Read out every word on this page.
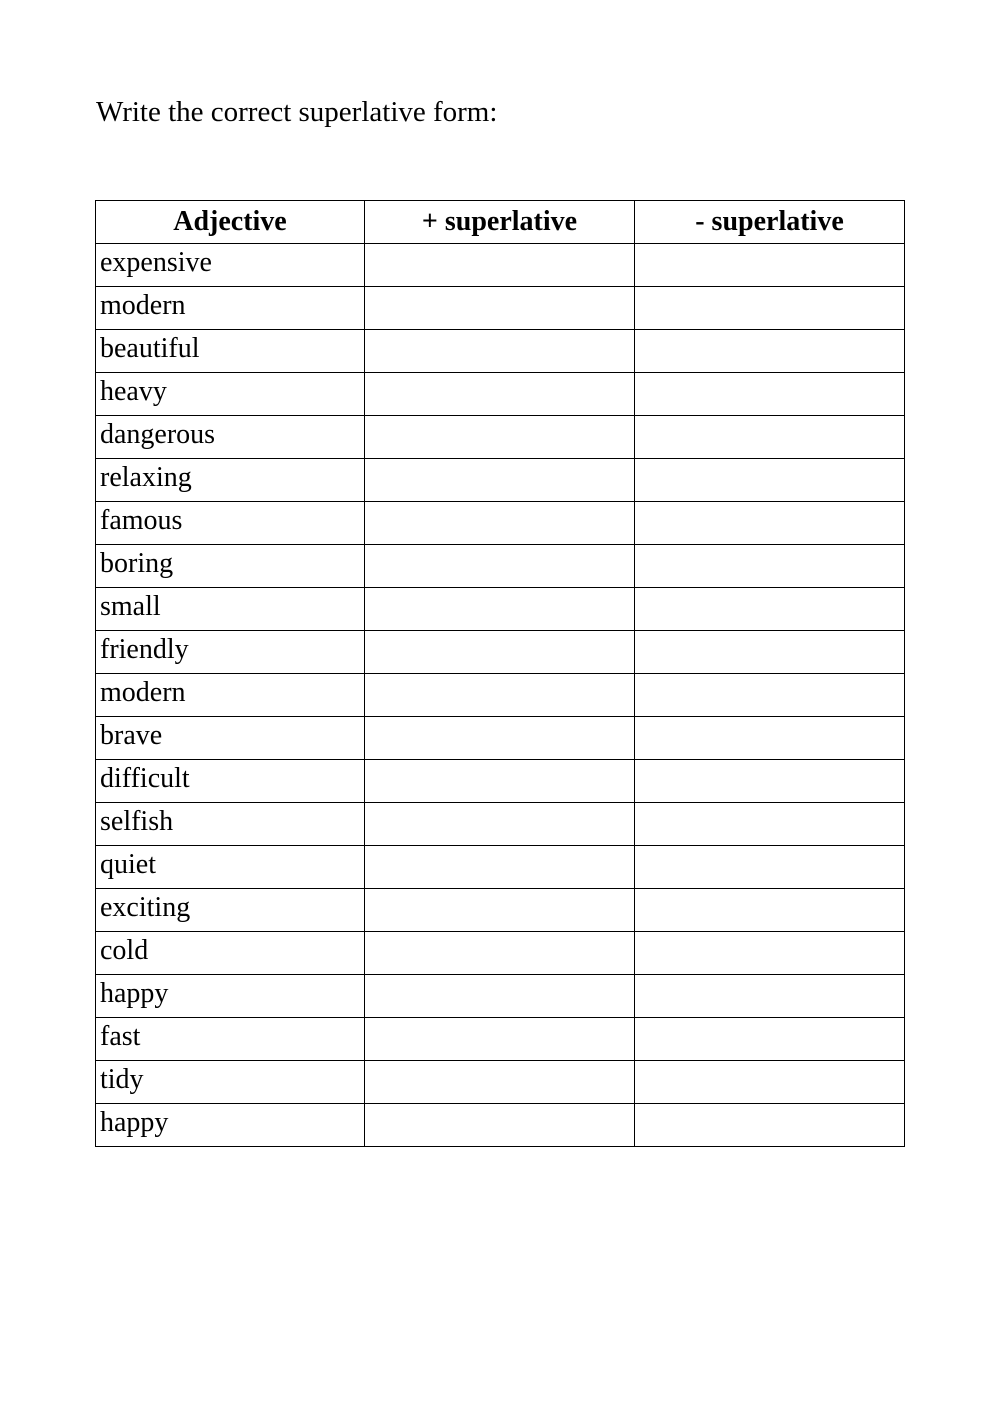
Write the correct superlative form:
Adjective	+ superlative	- superlative
expensive		
modern		
beautiful		
heavy		
dangerous		
relaxing		
famous		
boring		
small		
friendly		
modern		
brave		
difficult		
selfish		
quiet		
exciting		
cold		
happy		
fast		
tidy		
happy		
